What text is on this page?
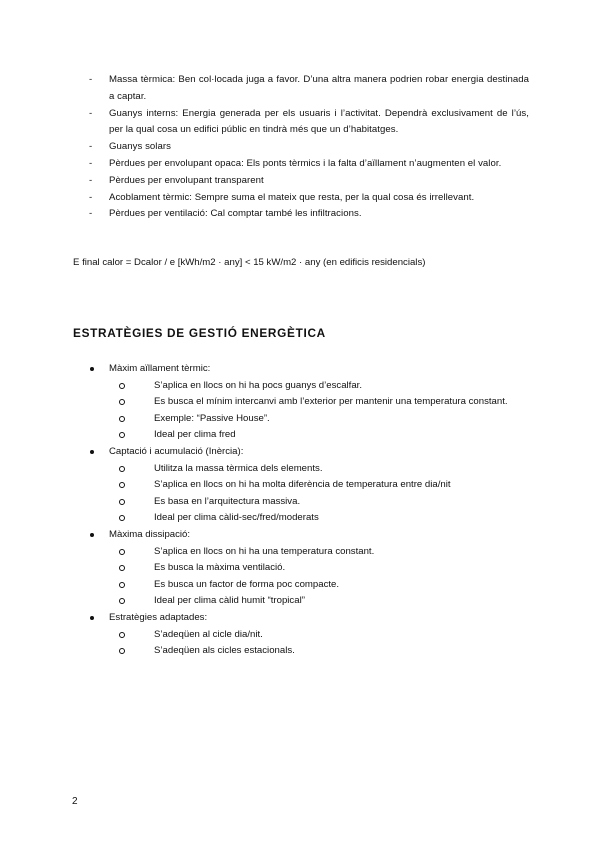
- Massa tèrmica: Ben col·locada juga a favor. D’una altra manera podrien robar energia destinada a captar.
- Guanys interns: Energia generada per els usuaris i l’activitat. Dependrà exclusivament de l’ús, per la qual cosa un edifici públic en tindrà més que un d’habitatges.
- Guanys solars
- Pèrdues per envolupant opaca: Els ponts tèrmics i la falta d’aïllament n’augmenten el valor.
- Pèrdues per envolupant transparent
- Acoblament tèrmic: Sempre suma el mateix que resta, per la qual cosa és irrellevant.
- Pèrdues per ventilació: Cal comptar també les infiltracions.
E final calor = Dcalor / e [kWh/m2 · any] < 15 kW/m2 · any (en edificis residencials)
ESTRATÈGIES DE GESTIÓ ENERGÈTICA
Màxim aïllament tèrmic:
S’aplica en llocs on hi ha pocs guanys d’escalfar.
Es busca el mínim intercanvi amb l’exterior per mantenir una temperatura constant.
Exemple: “Passive House”.
Ideal per clima fred
Captació i acumulació (Inèrcia):
Utilitza la massa tèrmica dels elements.
S’aplica en llocs on hi ha molta diferència de temperatura entre dia/nit
Es basa en l’arquitectura massiva.
Ideal per clima càlid-sec/fred/moderats
Màxima dissipació:
S’aplica en llocs on hi ha una temperatura constant.
Es busca la màxima ventilació.
Es busca un factor de forma poc compacte.
Ideal per clima càlid humit “tropical”
Estratègies adaptades:
S’adeqüen al cicle dia/nit.
S’adeqüen als cicles estacionals.
2
